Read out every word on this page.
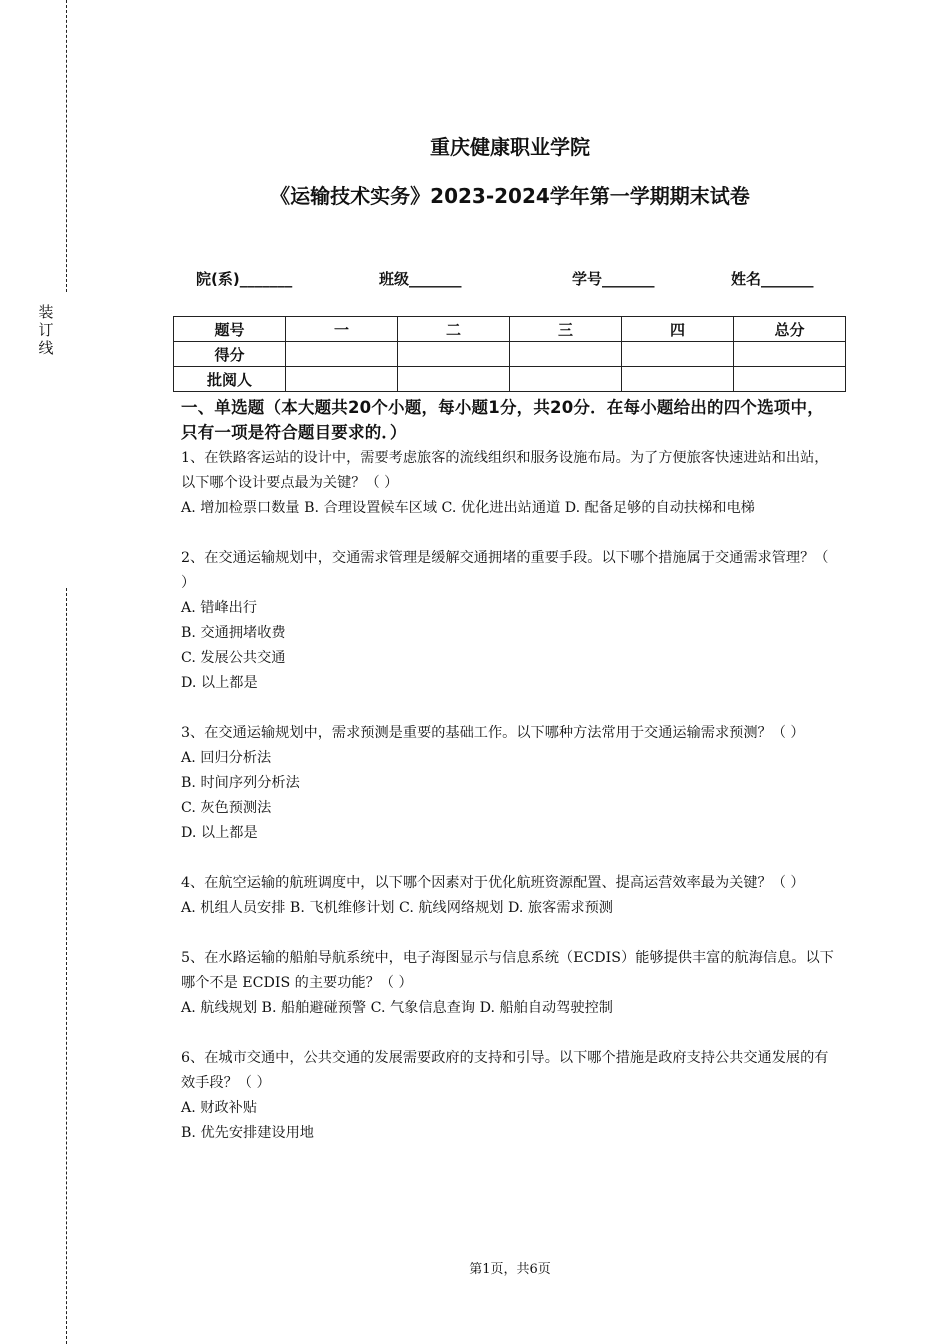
装
订
线
重庆健康职业学院
《运输技术实务》2023-2024学年第一学期期末试卷
院(系)_______	班级_______	学号_______	姓名_______
题号	一	二	三	四	总分
得分					
批阅人					

一、单选题（本大题共20个小题，每小题1分，共20分．在每小题给出的四个选项中，只有一项是符合题目要求的．）

1、在铁路客运站的设计中，需要考虑旅客的流线组织和服务设施布局。为了方便旅客快速进站和出站，以下哪个设计要点最为关键？（ ）

A. 增加检票口数量 B. 合理设置候车区域 C. 优化进出站通道 D. 配备足够的自动扶梯和电梯

2、在交通运输规划中，交通需求管理是缓解交通拥堵的重要手段。以下哪个措施属于交通需求管理？（ ）

A. 错峰出行

B. 交通拥堵收费

C. 发展公共交通

D. 以上都是

3、在交通运输规划中，需求预测是重要的基础工作。以下哪种方法常用于交通运输需求预测？（ ）

A. 回归分析法

B. 时间序列分析法

C. 灰色预测法

D. 以上都是

4、在航空运输的航班调度中，以下哪个因素对于优化航班资源配置、提高运营效率最为关键？（ ）

A. 机组人员安排 B. 飞机维修计划 C. 航线网络规划 D. 旅客需求预测

5、在水路运输的船舶导航系统中，电子海图显示与信息系统（ECDIS）能够提供丰富的航海信息。以下哪个不是 ECDIS 的主要功能？（ ）

A. 航线规划 B. 船舶避碰预警 C. 气象信息查询 D. 船舶自动驾驶控制

6、在城市交通中，公共交通的发展需要政府的支持和引导。以下哪个措施是政府支持公共交通发展的有效手段？（ ）

A. 财政补贴

B. 优先安排建设用地

第1页，共6页
